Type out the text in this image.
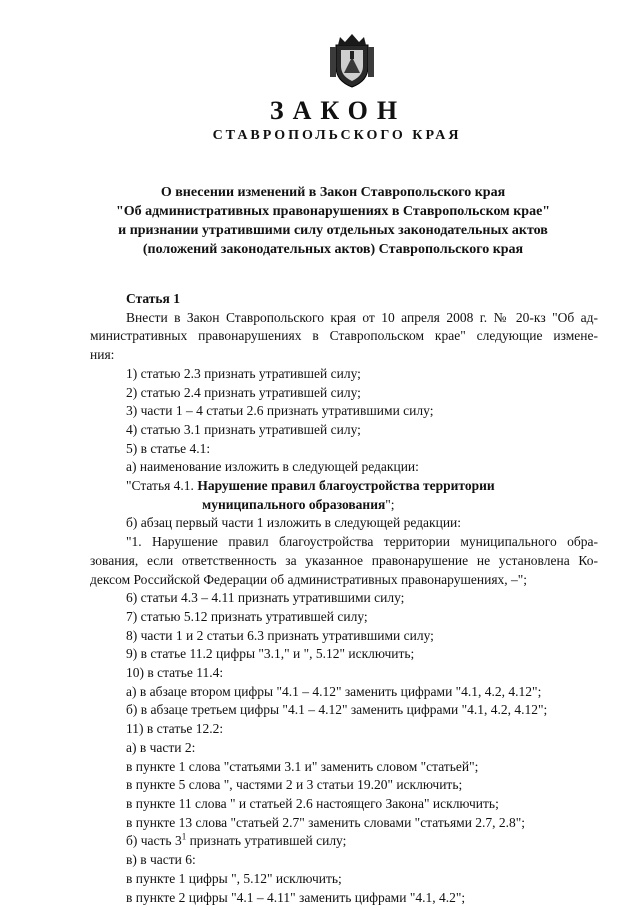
ЗАКОН
СТАВРОПОЛЬСКОГО КРАЯ
О внесении изменений в Закон Ставропольского края
"Об административных правонарушениях в Ставропольском крае"
и признании утратившими силу отдельных законодательных актов
(положений законодательных актов) Ставропольского края
Статья 1
Внести в Закон Ставропольского края от 10 апреля 2008 г. № 20-кз "Об ад-
министративных правонарушениях в Ставропольском крае" следующие измене-
ния:
1) статью 2.3 признать утратившей силу;
2) статью 2.4 признать утратившей силу;
3) части 1 – 4 статьи 2.6 признать утратившими силу;
4) статью 3.1 признать утратившей силу;
5) в статье 4.1:
а) наименование изложить в следующей редакции:
"Статья 4.1. Нарушение правил благоустройства территории
муниципального образования";
б) абзац первый части 1 изложить в следующей редакции:
"1. Нарушение правил благоустройства территории муниципального обра-
зования, если ответственность за указанное правонарушение не установлена Ко-
дексом Российской Федерации об административных правонарушениях, –";
6) статьи 4.3 – 4.11 признать утратившими силу;
7) статью 5.12 признать утратившей силу;
8) части 1 и 2 статьи 6.3 признать утратившими силу;
9) в статье 11.2 цифры "3.1," и ", 5.12" исключить;
10) в статье 11.4:
а) в абзаце втором цифры "4.1 – 4.12" заменить цифрами "4.1, 4.2, 4.12";
б) в абзаце третьем цифры "4.1 – 4.12" заменить цифрами "4.1, 4.2, 4.12";
11) в статье 12.2:
а) в части 2:
в пункте 1 слова "статьями 3.1 и" заменить словом "статьей";
в пункте 5 слова ", частями 2 и 3 статьи 19.20" исключить;
в пункте 11 слова " и статьей 2.6 настоящего Закона" исключить;
в пункте 13 слова "статьей 2.7" заменить словами "статьями 2.7, 2.8";
б) часть $3^1$ признать утратившей силу;
в) в части 6:
в пункте 1 цифры ", 5.12" исключить;
в пункте 2 цифры "4.1 – 4.11" заменить цифрами "4.1, 4.2";
